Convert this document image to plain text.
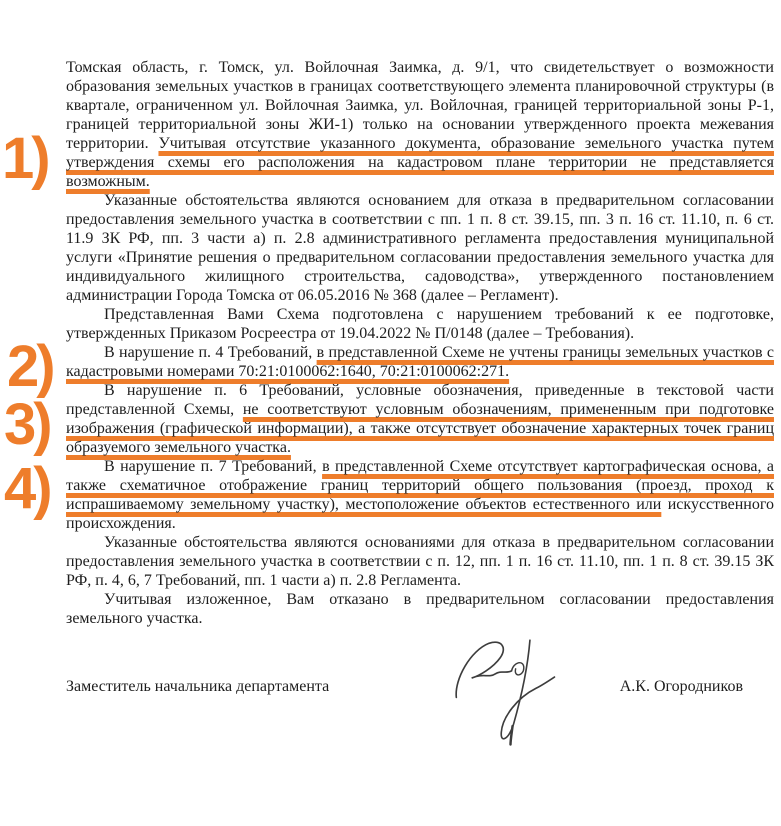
Томская область, г. Томск, ул. Войлочная Заимка, д. 9/1, что свидетельствует о возможности образования земельных участков в границах соответствующего элемента планировочной структуры (в квартале, ограниченном ул. Войлочная Заимка, ул. Войлочная, границей территориальной зоны Р-1, границей территориальной зоны ЖИ-1) только на основании утвержденного проекта межевания территории. Учитывая отсутствие указанного документа, образование земельного участка путем утверждения схемы его расположения на кадастровом плане территории не представляется возможным.

Указанные обстоятельства являются основанием для отказа в предварительном согласовании предоставления земельного участка в соответствии с пп. 1 п. 8 ст. 39.15, пп. 3 п. 16 ст. 11.10, п. 6 ст. 11.9 ЗК РФ, пп. 3 части а) п. 2.8 административного регламента предоставления муниципальной услуги «Принятие решения о предварительном согласовании предоставления земельного участка для индивидуального жилищного строительства, садоводства», утвержденного постановлением администрации Города Томска от 06.05.2016 № 368 (далее – Регламент).

Представленная Вами Схема подготовлена с нарушением требований к ее подготовке, утвержденных Приказом Росреестра от 19.04.2022 № П/0148 (далее – Требования).

В нарушение п. 4 Требований, в представленной Схеме не учтены границы земельных участков с кадастровыми номерами 70:21:0100062:1640, 70:21:0100062:271.

В нарушение п. 6 Требований, условные обозначения, приведенные в текстовой части представленной Схемы, не соответствуют условным обозначениям, примененным при подготовке изображения (графической информации), а также отсутствует обозначение характерных точек границ образуемого земельного участка.

В нарушение п. 7 Требований, в представленной Схеме отсутствует картографическая основа, а также схематичное отображение границ территорий общего пользования (проезд, проход к испрашиваемому земельному участку), местоположение объектов естественного или искусственного происхождения.

Указанные обстоятельства являются основаниями для отказа в предварительном согласовании предоставления земельного участка в соответствии с п. 12, пп. 1 п. 16 ст. 11.10, пп. 1 п. 8 ст. 39.15 ЗК РФ, п. 4, 6, 7 Требований, пп. 1 части а) п. 2.8 Регламента.

Учитывая изложенное, Вам отказано в предварительном согласовании предоставления земельного участка.

1)
2)
3)
4)
Заместитель начальника департамента	А.К. Огородников
